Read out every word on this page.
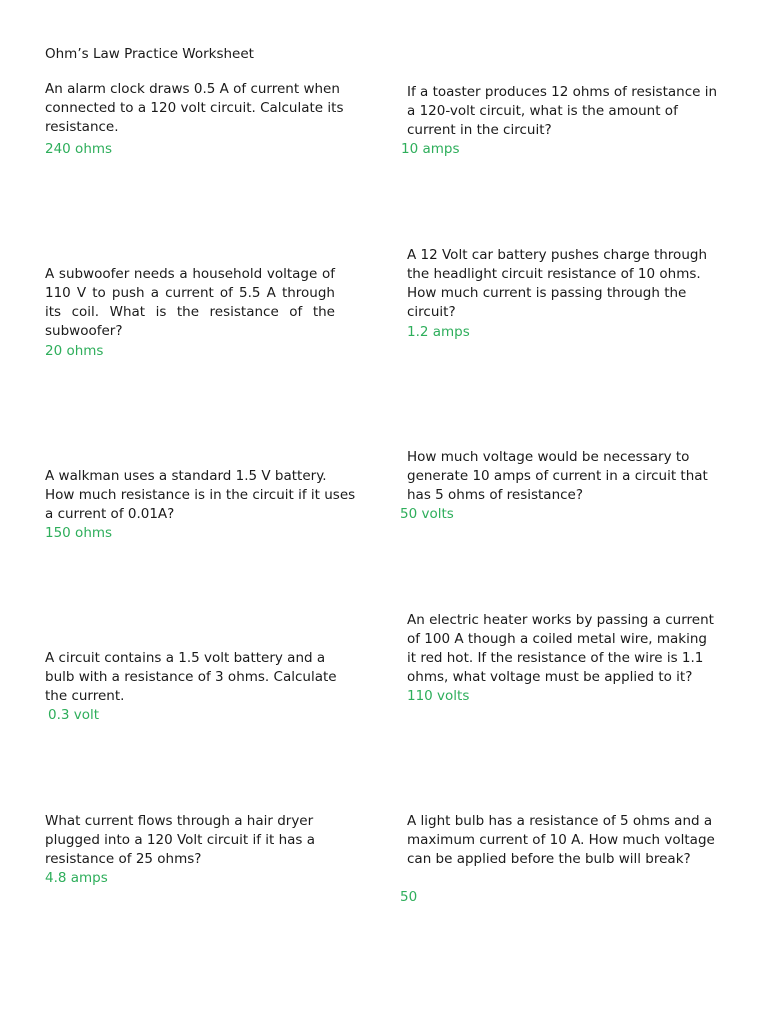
Ohm’s Law Practice Worksheet
An alarm clock draws 0.5 A of current when connected to a 120 volt circuit. Calculate its resistance.
240 ohms
If a toaster produces 12 ohms of resistance in a 120-volt circuit, what is the amount of current in the circuit?
10 amps
A subwoofer needs a household voltage of 110 V to push a current of 5.5 A through its coil. What is the resistance of the subwoofer?
20 ohms
A 12 Volt car battery pushes charge through the headlight circuit resistance of 10 ohms. How much current is passing through the circuit?
1.2 amps
A walkman uses a standard 1.5 V battery. How much resistance is in the circuit if it uses a current of 0.01A?
150 ohms
How much voltage would be necessary to generate 10 amps of current in a circuit that has 5 ohms of resistance?
50 volts
A circuit contains a 1.5 volt battery and a bulb with a resistance of 3 ohms. Calculate the current.
0.3 volt
An electric heater works by passing a current of 100 A though a coiled metal wire, making it red hot. If the resistance of the wire is 1.1 ohms, what voltage must be applied to it?
110 volts
What current flows through a hair dryer plugged into a 120 Volt circuit if it has a resistance of 25 ohms?
4.8 amps
A light bulb has a resistance of 5 ohms and a maximum current of 10 A. How much voltage can be applied before the bulb will break?
50
